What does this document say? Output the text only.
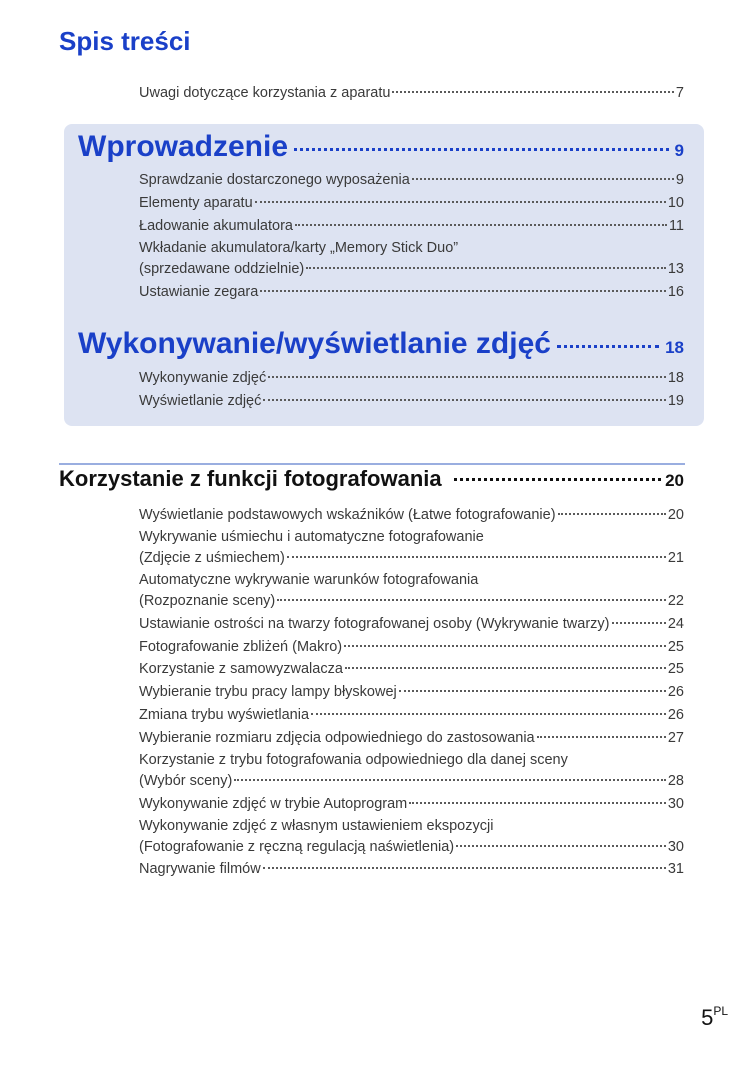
Spis treści
Uwagi dotyczące korzystania z aparatu	7
Wprowadzenie	9
Sprawdzanie dostarczonego wyposażenia	9
Elementy aparatu	10
Ładowanie akumulatora	11
Wkładanie akumulatora/karty „Memory Stick Duo”
(sprzedawane oddzielnie)	13
Ustawianie zegara	16
Wykonywanie/wyświetlanie zdjęć	18
Wykonywanie zdjęć	18
Wyświetlanie zdjęć	19
Korzystanie z funkcji fotografowania	20
Wyświetlanie podstawowych wskaźników (Łatwe fotografowanie)	20
Wykrywanie uśmiechu i automatyczne fotografowanie
(Zdjęcie z uśmiechem)	21
Automatyczne wykrywanie warunków fotografowania
(Rozpoznanie sceny)	22
Ustawianie ostrości na twarzy fotografowanej osoby (Wykrywanie twarzy)	24
Fotografowanie zbliżeń (Makro)	25
Korzystanie z samowyzwalacza	25
Wybieranie trybu pracy lampy błyskowej	26
Zmiana trybu wyświetlania	26
Wybieranie rozmiaru zdjęcia odpowiedniego do zastosowania	27
Korzystanie z trybu fotografowania odpowiedniego dla danej sceny
(Wybór sceny)	28
Wykonywanie zdjęć w trybie Autoprogram	30
Wykonywanie zdjęć z własnym ustawieniem ekspozycji
(Fotografowanie z ręczną regulacją naświetlenia)	30
Nagrywanie filmów	31
$5^{PL}$
